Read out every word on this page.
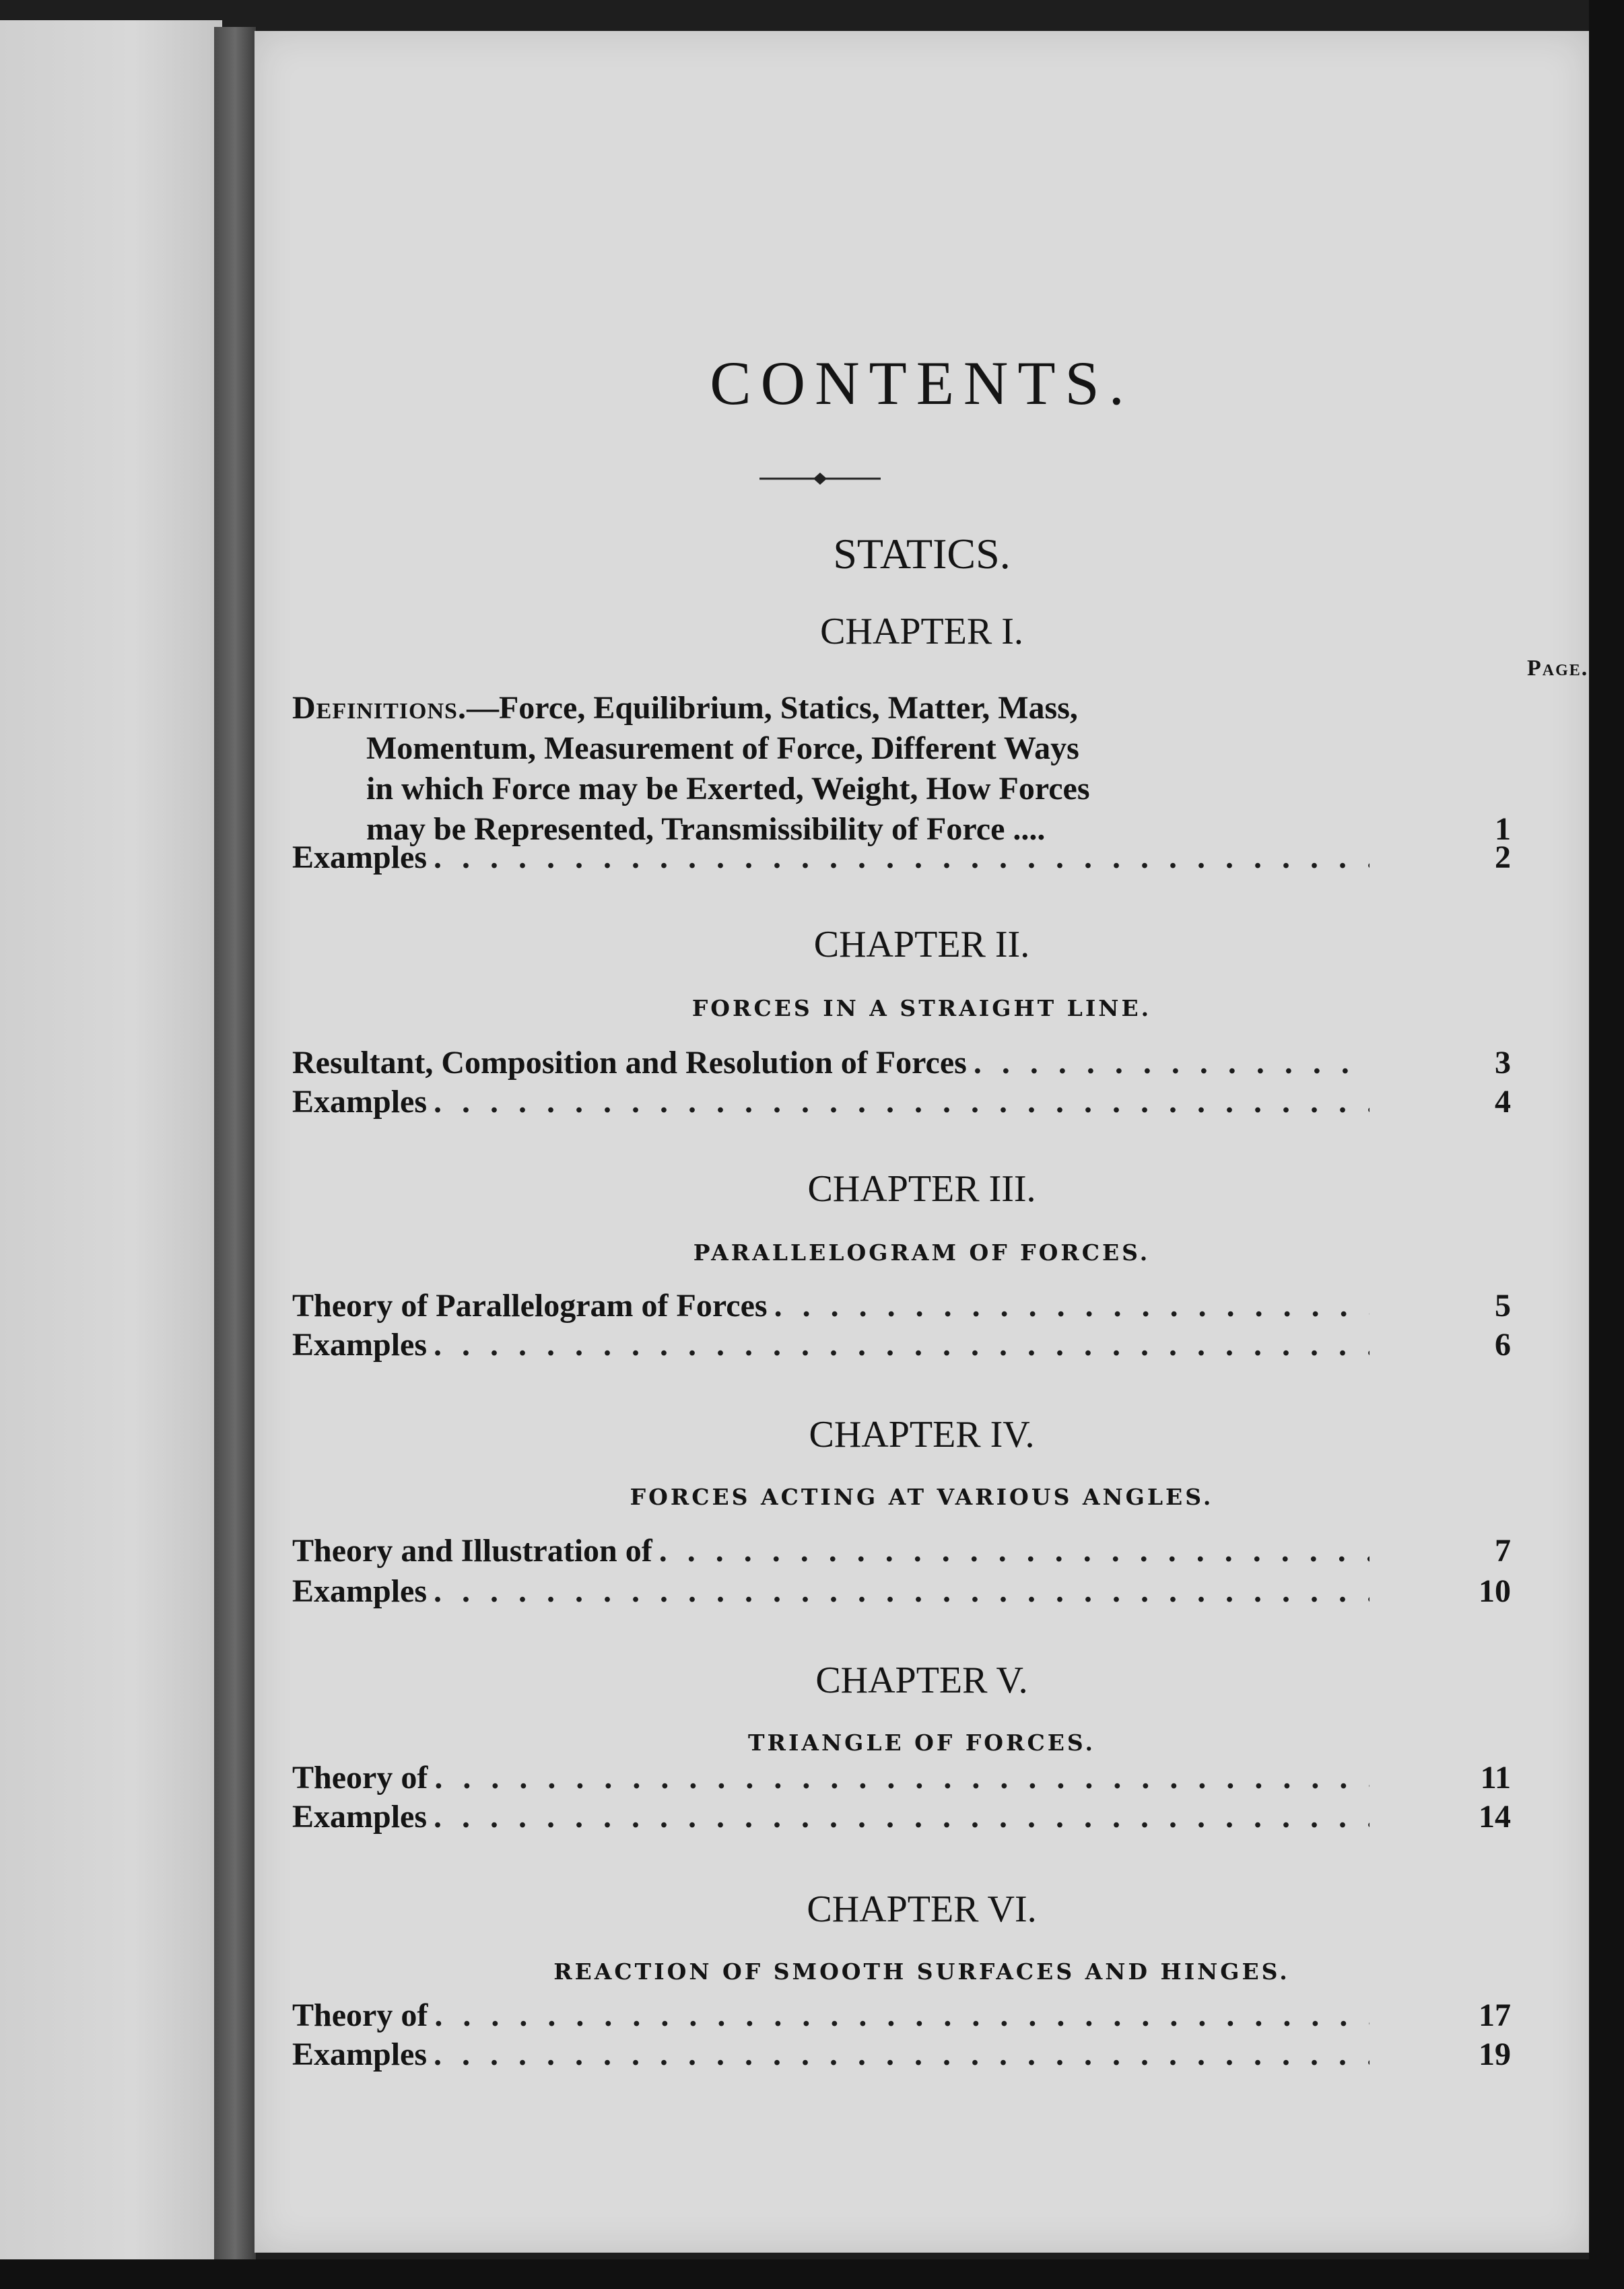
CONTENTS.
STATICS.
CHAPTER I.
Page.
Definitions.—Force, Equilibrium, Statics, Matter, Mass,
Momentum, Measurement of Force, Different Ways
in which Force may be Exerted, Weight, How Forces
may be Represented, Transmissibility of Force ....	1
Examples . . .	2
CHAPTER II.
FORCES IN A STRAIGHT LINE.
Resultant, Composition and Resolution of Forces . . .	3
Examples . . .	4
CHAPTER III.
PARALLELOGRAM OF FORCES.
Theory of Parallelogram of Forces . . .	5
Examples . . .	6
CHAPTER IV.
FORCES ACTING AT VARIOUS ANGLES.
Theory and Illustration of . . .	7
Examples . . .	10
CHAPTER V.
TRIANGLE OF FORCES.
Theory of . . .	11
Examples . . .	14
CHAPTER VI.
REACTION OF SMOOTH SURFACES AND HINGES.
Theory of . . .	17
Examples . . .	19
